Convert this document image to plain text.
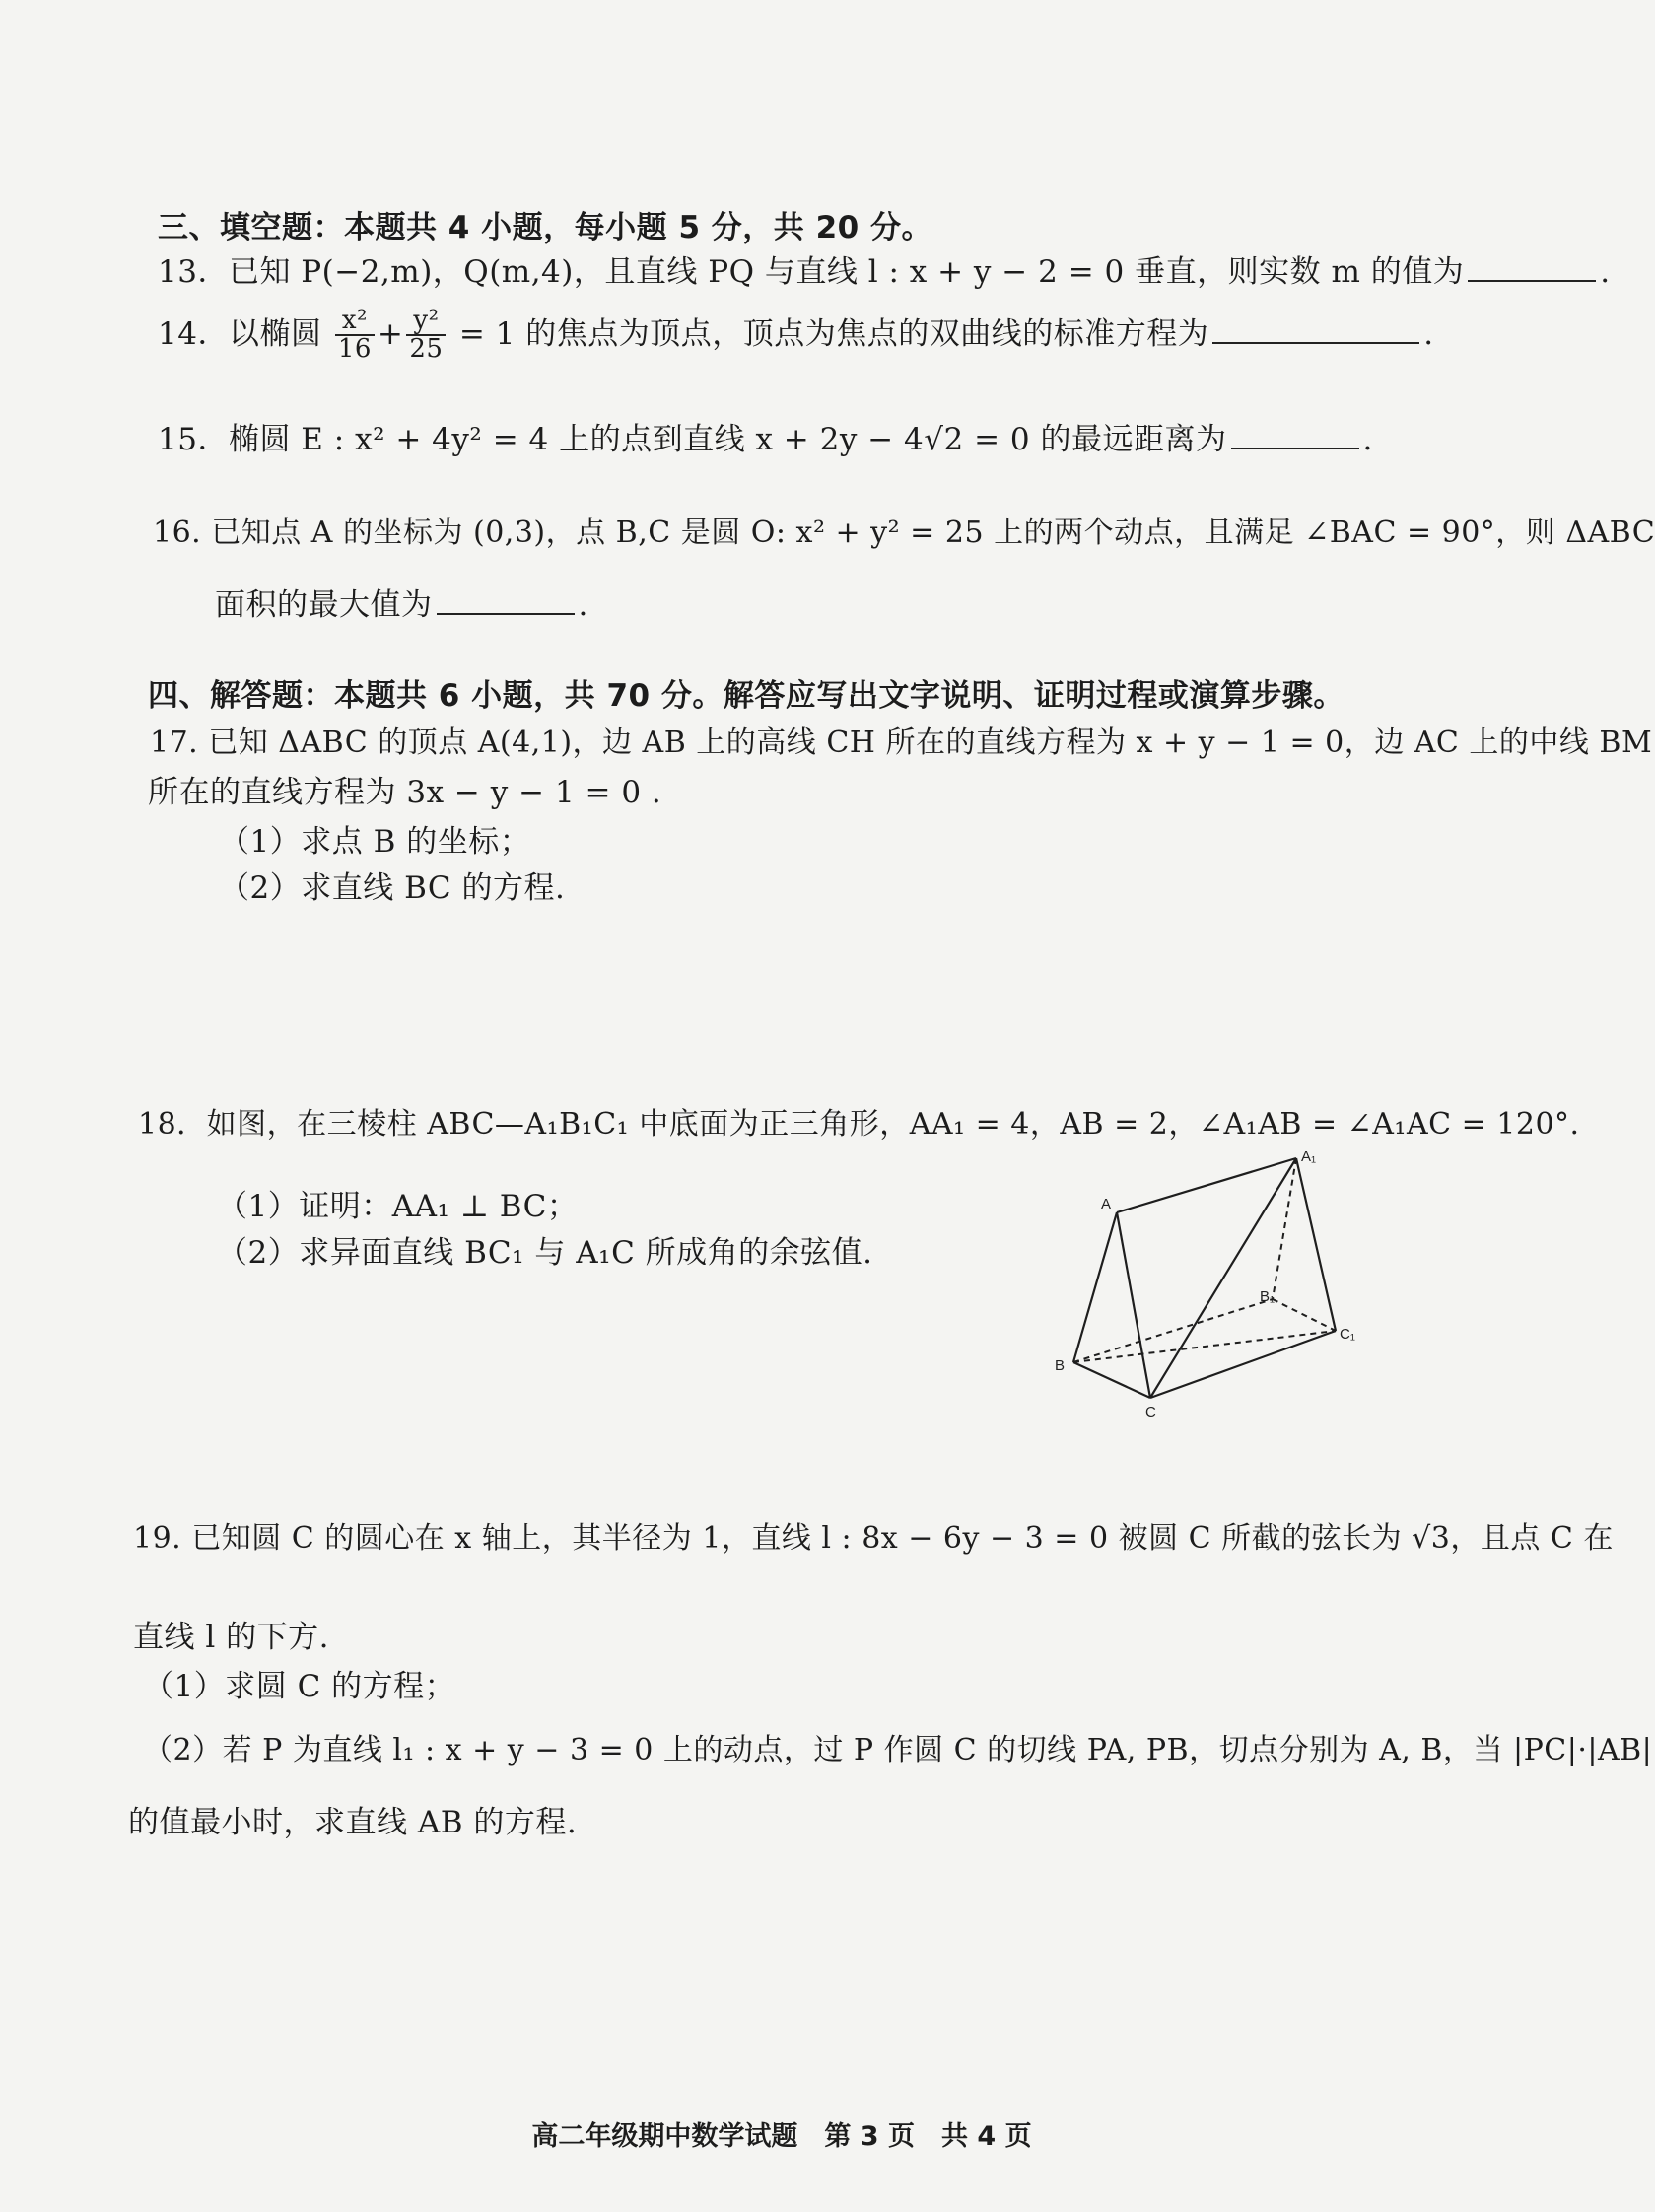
三、填空题：本题共 4 小题，每小题 5 分，共 20 分。
13．已知 P(−2,m)，Q(m,4)，且直线 PQ 与直线 l : x + y − 2 = 0 垂直，则实数 m 的值为	.
14．以椭圆 $\frac{\text{x²}}{16} + \frac{\text{y²}}{25} = 1$ 的焦点为顶点，顶点为焦点的双曲线的标准方程为	.
15．椭圆 E : x² + 4y² = 4 上的点到直线 x + 2y − 4√2 = 0 的最远距离为	.
16. 已知点 A 的坐标为 (0,3)，点 B,C 是圆 O: x² + y² = 25 上的两个动点，且满足 ∠BAC = 90°，则 ΔABC
面积的最大值为	.
四、解答题：本题共 6 小题，共 70 分。解答应写出文字说明、证明过程或演算步骤。
17. 已知 ΔABC 的顶点 A(4,1)，边 AB 上的高线 CH 所在的直线方程为 x + y − 1 = 0，边 AC 上的中线 BM
所在的直线方程为 3x − y − 1 = 0 .
（1）求点 B 的坐标；
（2）求直线 BC 的方程.
18．如图，在三棱柱 ABC—A₁B₁C₁ 中底面为正三角形，AA₁ = 4，AB = 2，∠A₁AB = ∠A₁AC = 120°.
（1）证明：AA₁ ⊥ BC；
（2）求异面直线 BC₁ 与 A₁C 所成角的余弦值.
A
A₁
B
B₁
C
C₁
19. 已知圆 C 的圆心在 x 轴上，其半径为 1，直线 l : 8x − 6y − 3 = 0 被圆 C 所截的弦长为 √3，且点 C 在
直线 l 的下方.
（1）求圆 C 的方程；
（2）若 P 为直线 l₁ : x + y − 3 = 0 上的动点，过 P 作圆 C 的切线 PA, PB，切点分别为 A, B，当 |PC|·|AB|
的值最小时，求直线 AB 的方程.
高二年级期中数学试题　第 3 页　共 4 页
